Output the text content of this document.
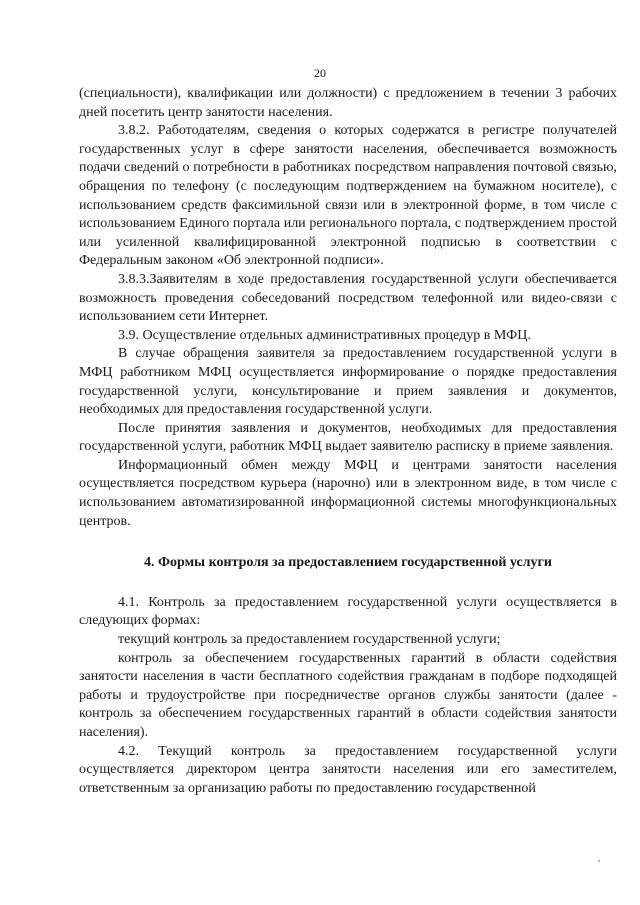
20

(специальности), квалификации или должности) с предложением в течении 3 рабочих дней посетить центр занятости населения.

3.8.2. Работодателям, сведения о которых содержатся в регистре получателей государственных услуг в сфере занятости населения, обеспечивается возможность подачи сведений о потребности в работниках посредством направления почтовой связью, обращения по телефону (с последующим подтверждением на бумажном носителе), с использованием средств факсимильной связи или в электронной форме, в том числе с использованием Единого портала или регионального портала, с подтверждением простой или усиленной квалифицированной электронной подписью в соответствии с Федеральным законом «Об электронной подписи».

3.8.3.Заявителям в ходе предоставления государственной услуги обеспечивается возможность проведения собеседований посредством телефонной или видео-связи с использованием сети Интернет.

3.9. Осуществление отдельных административных процедур в МФЦ.

В случае обращения заявителя за предоставлением государственной услуги в МФЦ работником МФЦ осуществляется информирование о порядке предоставления государственной услуги, консультирование и прием заявления и документов, необходимых для предоставления государственной услуги.

После принятия заявления и документов, необходимых для предоставления государственной услуги, работник МФЦ выдает заявителю расписку в приеме заявления.

Информационный обмен между МФЦ и центрами занятости населения осуществляется посредством курьера (нарочно) или в электронном виде, в том числе с использованием автоматизированной информационной системы многофункциональных центров.

4. Формы контроля за предоставлением государственной услуги

4.1. Контроль за предоставлением государственной услуги осуществляется в следующих формах:

текущий контроль за предоставлением государственной услуги;

контроль за обеспечением государственных гарантий в области содействия занятости населения в части бесплатного содействия гражданам в подборе подходящей работы и трудоустройстве при посредничестве органов службы занятости (далее - контроль за обеспечением государственных гарантий в области содействия занятости населения).

4.2. Текущий контроль за предоставлением государственной услуги осуществляется директором центра занятости населения или его заместителем, ответственным за организацию работы по предоставлению государственной
